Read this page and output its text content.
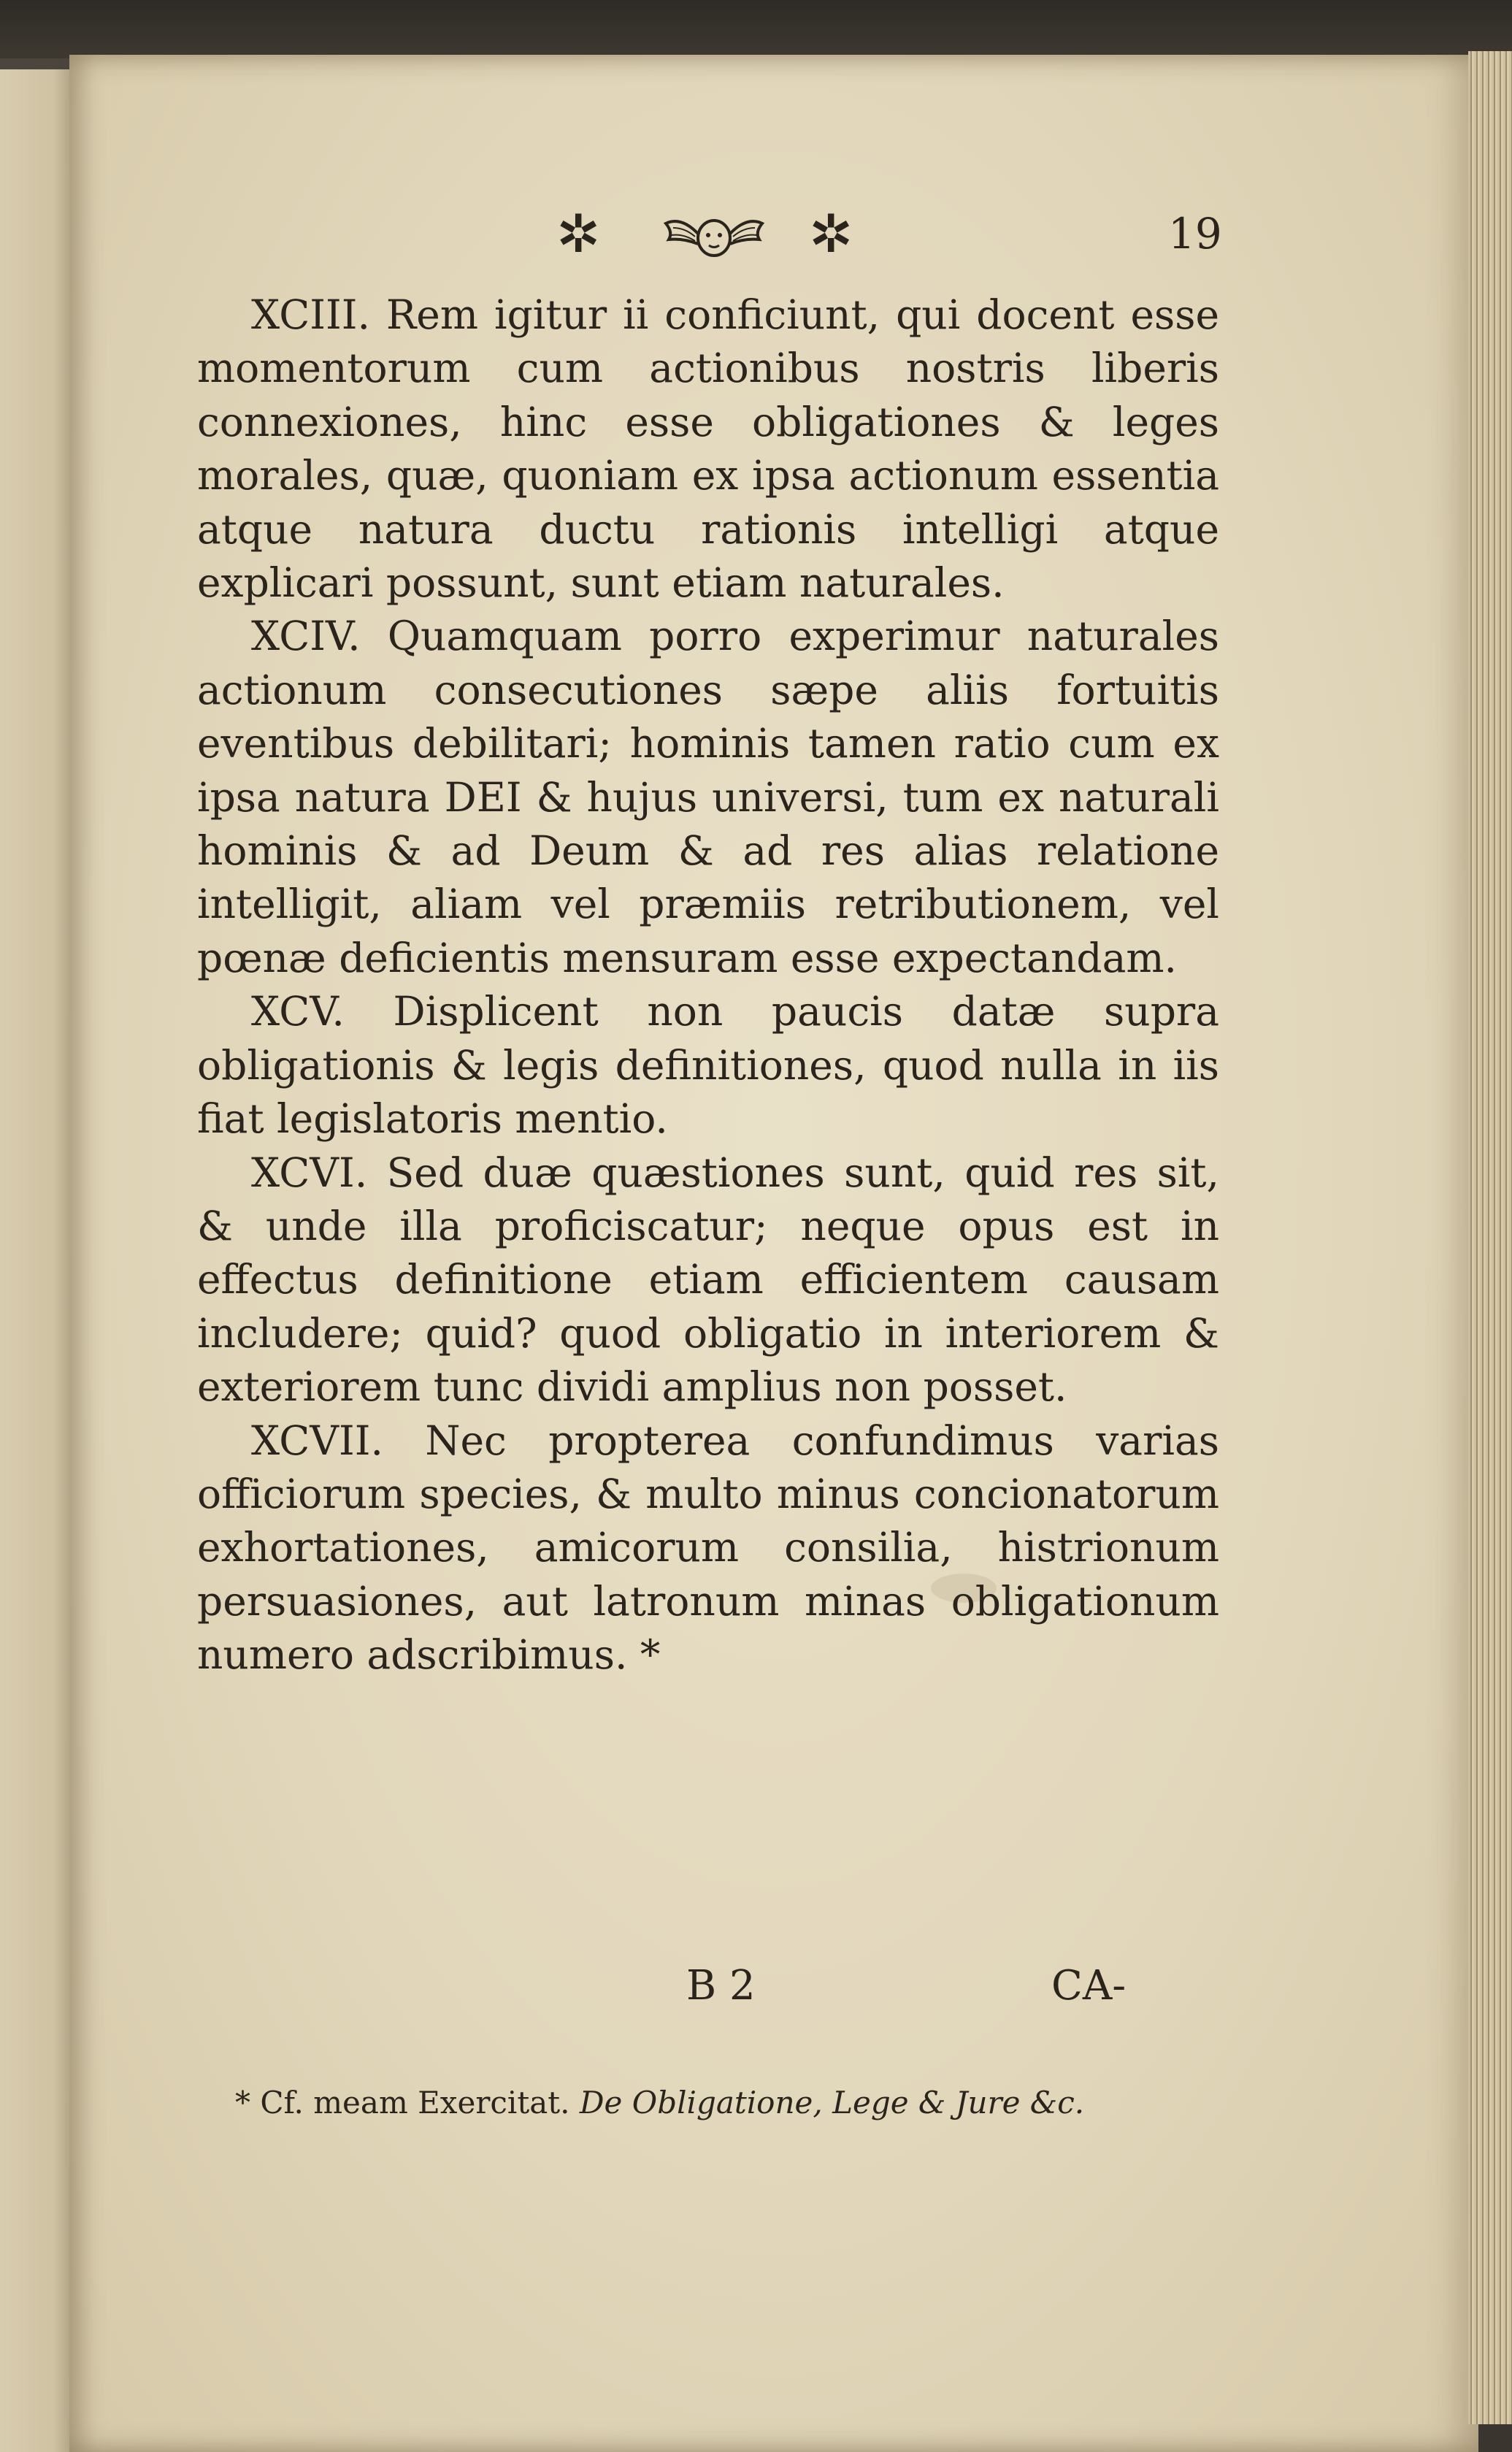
✲	✲	19

XCIII. Rem igitur ii conficiunt, qui docent esse momentorum cum actionibus nostris liberis connexiones, hinc esse obligationes & leges morales, quæ, quoniam ex ipsa actionum essentia atque natura ductu rationis intelligi atque explicari possunt, sunt etiam naturales.

XCIV. Quamquam porro experimur naturales actionum consecutiones sæpe aliis fortuitis eventibus debilitari; hominis tamen ratio cum ex ipsa natura DEI & hujus universi, tum ex naturali hominis & ad Deum & ad res alias relatione intelligit, aliam vel præmiis retributionem, vel pœnæ deficientis mensuram esse expectandam.

XCV. Displicent non paucis datæ supra obligationis & legis definitiones, quod nulla in iis fiat legislatoris mentio.

XCVI. Sed duæ quæstiones sunt, quid res sit, & unde illa proficiscatur; neque opus est in effectus definitione etiam efficientem causam includere; quid? quod obligatio in interiorem & exteriorem tunc dividi amplius non posset.

XCVII. Nec propterea confundimus varias officiorum species, & multo minus concionatorum exhortationes, amicorum consilia, histrionum persuasiones, aut latronum minas obligationum numero adscribimus. *

B 2	CA-
* Cf. meam Exercitat. De Obligatione, Lege & Jure &c.
